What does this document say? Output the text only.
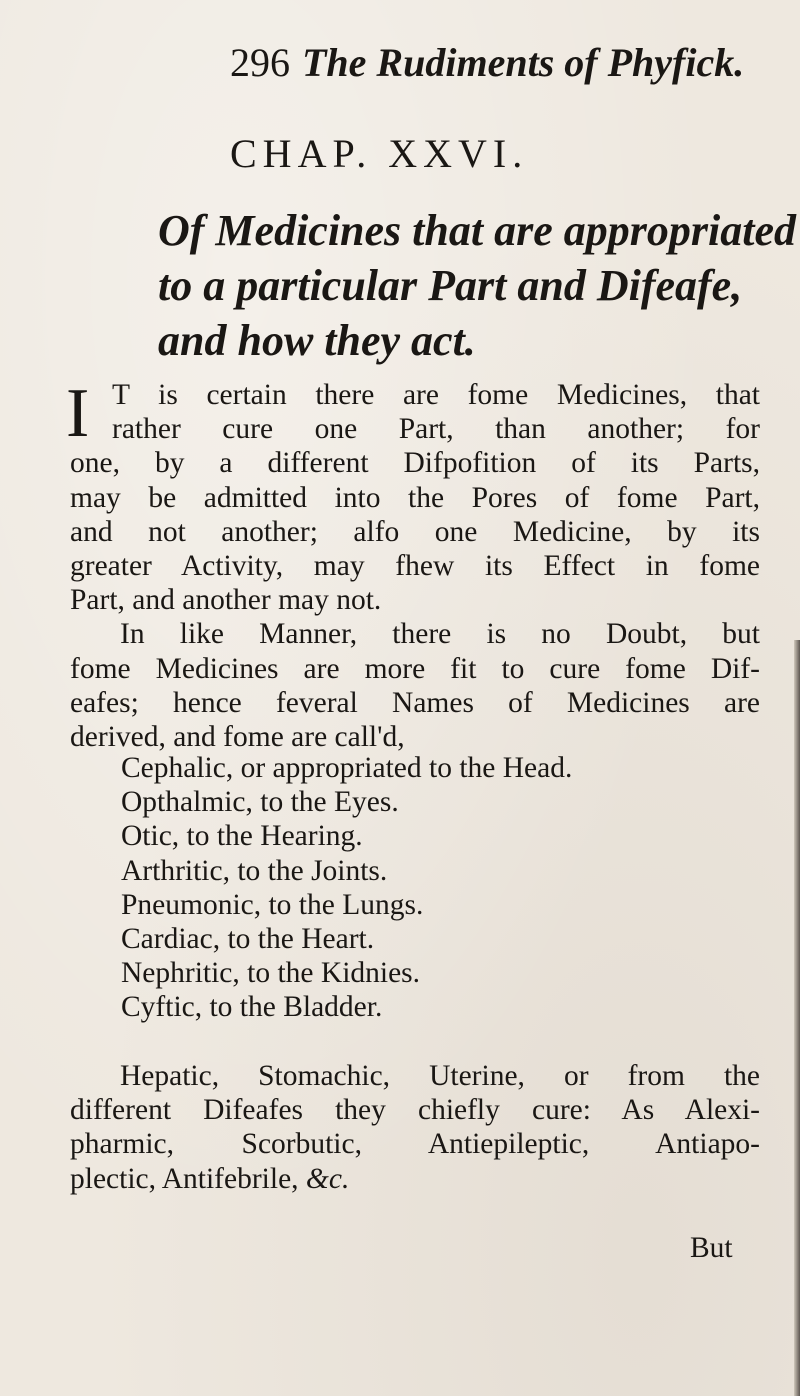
296 The Rudiments of Phyfick.
CHAP. XXVI.
Of Medicines that are appropriated
to a particular Part and Difeafe,
and how they act.
I T is certain there are fome Medicines, that
rather cure one Part, than another; for
one, by a different Difpofition of its Parts,
may be admitted into the Pores of fome Part,
and not another; alfo one Medicine, by its
greater Activity, may fhew its Effect in fome
Part, and another may not.
In like Manner, there is no Doubt, but
fome Medicines are more fit to cure fome Dif-
eafes; hence feveral Names of Medicines are
derived, and fome are call'd,
Cephalic, or appropriated to the Head.
Opthalmic, to the Eyes.
Otic, to the Hearing.
Arthritic, to the Joints.
Pneumonic, to the Lungs.
Cardiac, to the Heart.
Nephritic, to the Kidnies.
Cyftic, to the Bladder.
Hepatic, Stomachic, Uterine, or from the
different Difeafes they chiefly cure: As Alexi-
pharmic, Scorbutic, Antiepileptic, Antiapo-
plectic, Antifebrile, &c.
But
